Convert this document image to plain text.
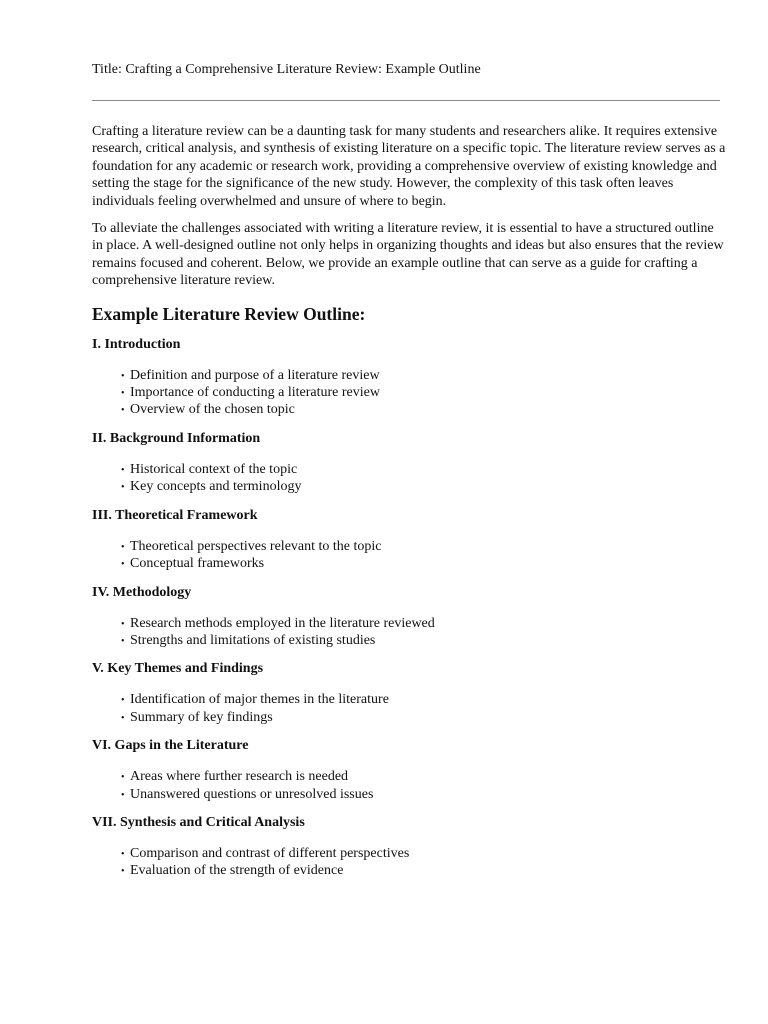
Title: Crafting a Comprehensive Literature Review: Example Outline

Crafting a literature review can be a daunting task for many students and researchers alike. It requires extensive research, critical analysis, and synthesis of existing literature on a specific topic. The literature review serves as a foundation for any academic or research work, providing a comprehensive overview of existing knowledge and setting the stage for the significance of the new study. However, the complexity of this task often leaves individuals feeling overwhelmed and unsure of where to begin.

To alleviate the challenges associated with writing a literature review, it is essential to have a structured outline in place. A well-designed outline not only helps in organizing thoughts and ideas but also ensures that the review remains focused and coherent. Below, we provide an example outline that can serve as a guide for crafting a comprehensive literature review.

Example Literature Review Outline:
I. Introduction
• Definition and purpose of a literature review
• Importance of conducting a literature review
• Overview of the chosen topic
II. Background Information
• Historical context of the topic
• Key concepts and terminology
III. Theoretical Framework
• Theoretical perspectives relevant to the topic
• Conceptual frameworks
IV. Methodology
• Research methods employed in the literature reviewed
• Strengths and limitations of existing studies
V. Key Themes and Findings
• Identification of major themes in the literature
• Summary of key findings
VI. Gaps in the Literature
• Areas where further research is needed
• Unanswered questions or unresolved issues
VII. Synthesis and Critical Analysis
• Comparison and contrast of different perspectives
• Evaluation of the strength of evidence
